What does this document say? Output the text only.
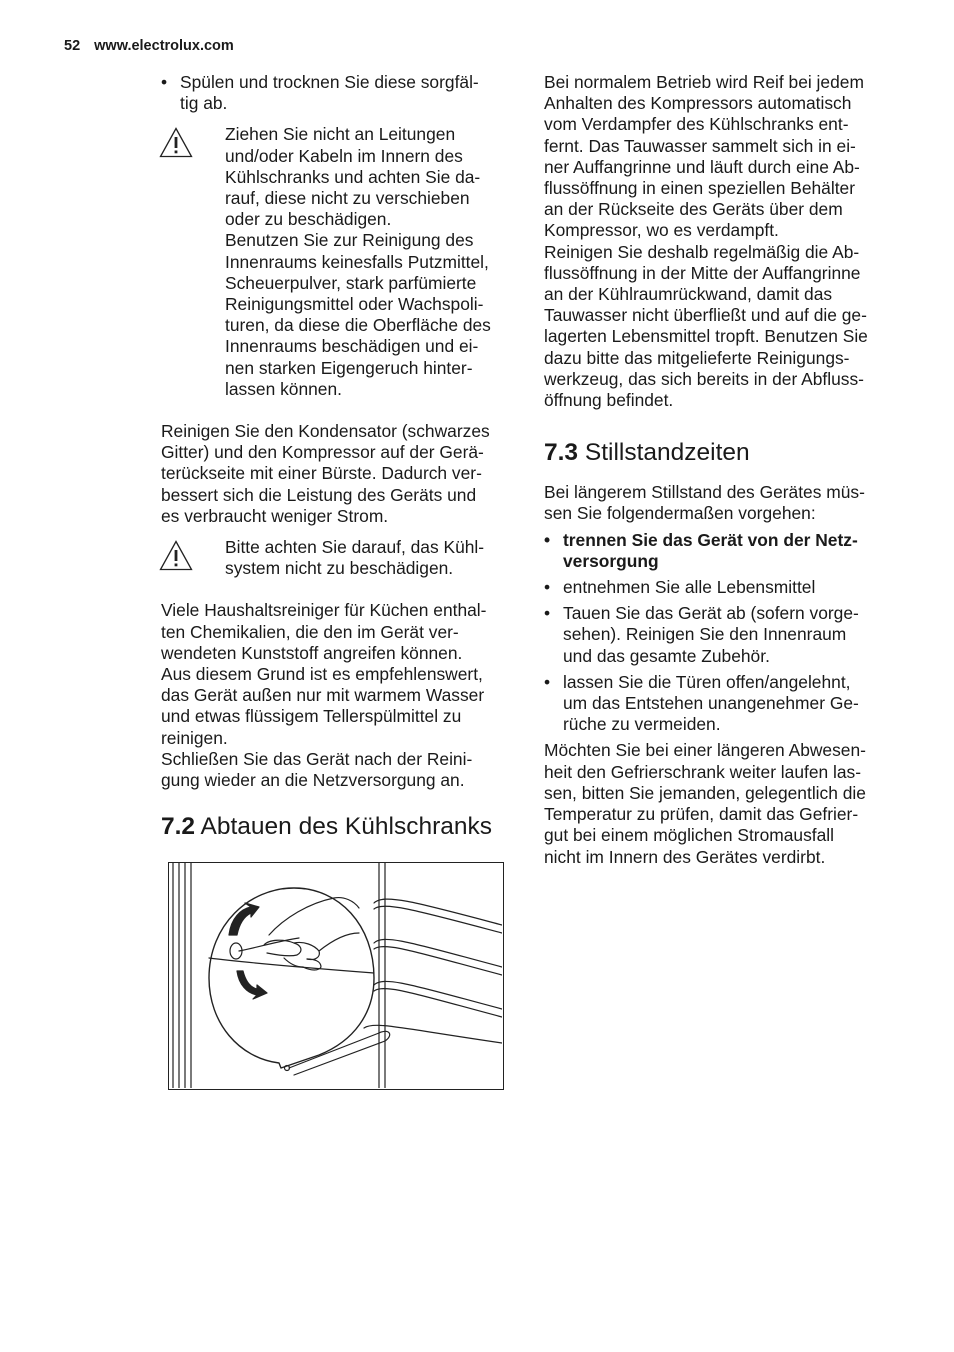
52 www.electrolux.com
• Spülen und trocknen Sie diese sorgfäl-
tig ab.
Ziehen Sie nicht an Leitungen
und/oder Kabeln im Innern des
Kühlschranks und achten Sie da-
rauf, diese nicht zu verschieben
oder zu beschädigen.
Benutzen Sie zur Reinigung des
Innenraums keinesfalls Putzmittel,
Scheuerpulver, stark parfümierte
Reinigungsmittel oder Wachspoli-
turen, da diese die Oberfläche des
Innenraums beschädigen und ei-
nen starken Eigengeruch hinter-
lassen können.

Reinigen Sie den Kondensator (schwarzes
Gitter) und den Kompressor auf der Gerä-
terückseite mit einer Bürste. Dadurch ver-
bessert sich die Leistung des Geräts und
es verbraucht weniger Strom.

Bitte achten Sie darauf, das Kühl-
system nicht zu beschädigen.

Viele Haushaltsreiniger für Küchen enthal-
ten Chemikalien, die den im Gerät ver-
wendeten Kunststoff angreifen können.
Aus diesem Grund ist es empfehlenswert,
das Gerät außen nur mit warmem Wasser
und etwas flüssigem Tellerspülmittel zu
reinigen.
Schließen Sie das Gerät nach der Reini-
gung wieder an die Netzversorgung an.

7.2 Abtauen des Kühlschranks

Bei normalem Betrieb wird Reif bei jedem
Anhalten des Kompressors automatisch
vom Verdampfer des Kühlschranks ent-
fernt. Das Tauwasser sammelt sich in ei-
ner Auffangrinne und läuft durch eine Ab-
flussöffnung in einen speziellen Behälter
an der Rückseite des Geräts über dem
Kompressor, wo es verdampft.
Reinigen Sie deshalb regelmäßig die Ab-
flussöffnung in der Mitte der Auffangrinne
an der Kühlraumrückwand, damit das
Tauwasser nicht überfließt und auf die ge-
lagerten Lebensmittel tropft. Benutzen Sie
dazu bitte das mitgelieferte Reinigungs-
werkzeug, das sich bereits in der Abfluss-
öffnung befindet.

7.3 Stillstandzeiten

Bei längerem Stillstand des Gerätes müs-
sen Sie folgendermaßen vorgehen:

• trennen Sie das Gerät von der Netz-
versorgung
• entnehmen Sie alle Lebensmittel
• Tauen Sie das Gerät ab (sofern vorge-
sehen). Reinigen Sie den Innenraum
und das gesamte Zubehör.
• lassen Sie die Türen offen/angelehnt,
um das Entstehen unangenehmer Ge-
rüche zu vermeiden.

Möchten Sie bei einer längeren Abwesen-
heit den Gefrierschrank weiter laufen las-
sen, bitten Sie jemanden, gelegentlich die
Temperatur zu prüfen, damit das Gefrier-
gut bei einem möglichen Stromausfall
nicht im Innern des Gerätes verdirbt.
